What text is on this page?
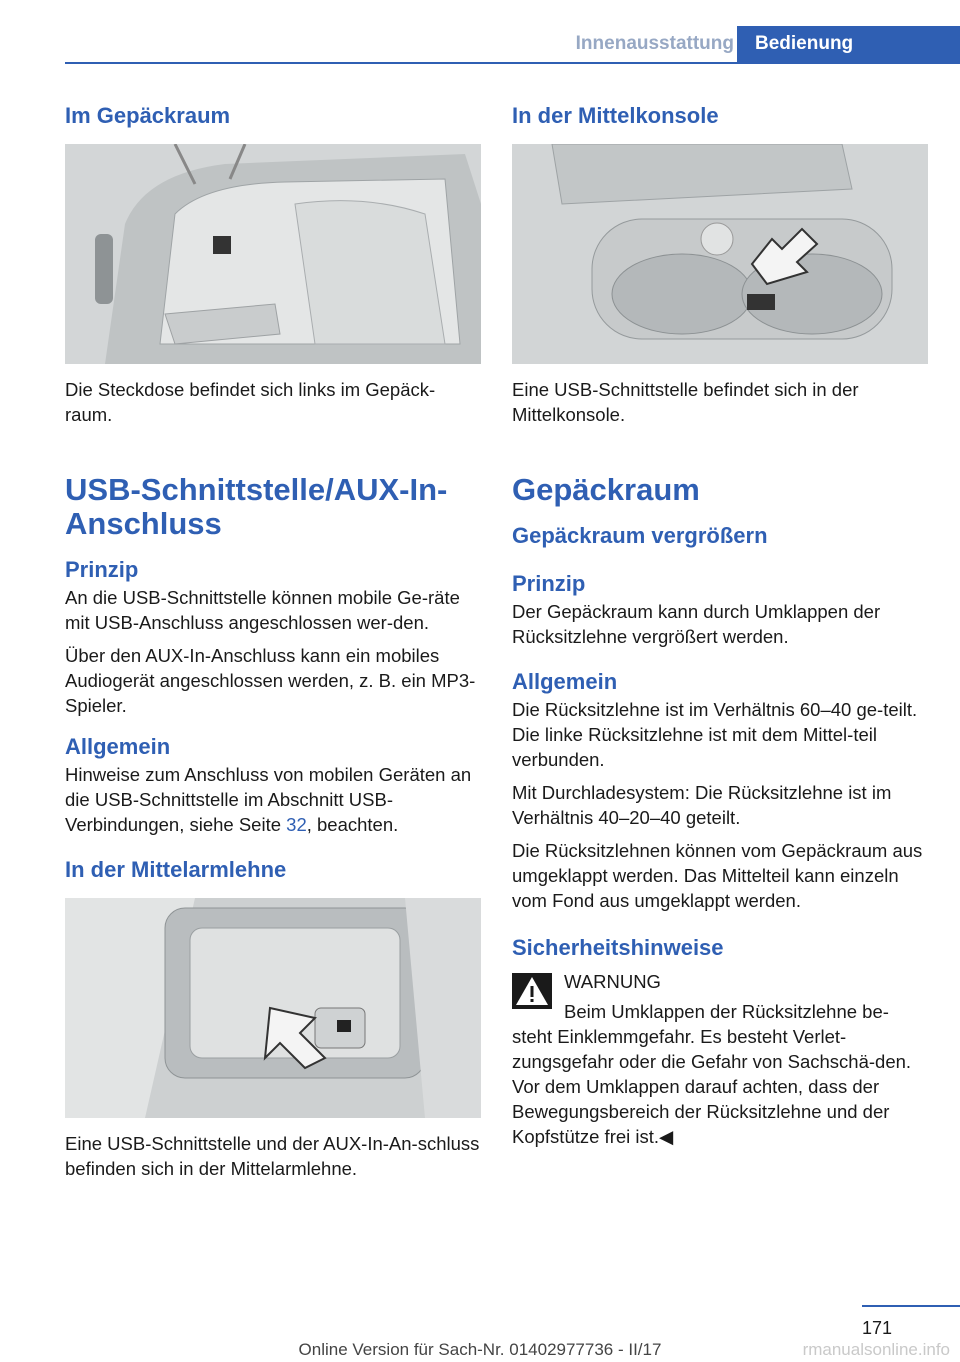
Innenausstattung	Bedienung
Im Gepäckraum

Die Steckdose befindet sich links im Gepäck-raum.

USB-Schnittstelle/AUX-In-Anschluss
Prinzip

An die USB-Schnittstelle können mobile Ge-räte mit USB-Anschluss angeschlossen wer-den.

Über den AUX-In-Anschluss kann ein mobiles Audiogerät angeschlossen werden, z. B. ein MP3-Spieler.

Allgemein

Hinweise zum Anschluss von mobilen Geräten an die USB-Schnittstelle im Abschnitt USB-Verbindungen, siehe Seite 32, beachten.

In der Mittelarmlehne

Eine USB-Schnittstelle und der AUX-In-An-schluss befinden sich in der Mittelarmlehne.

In der Mittelkonsole

Eine USB-Schnittstelle befindet sich in der Mittelkonsole.

Gepäckraum
Gepäckraum vergrößern
Prinzip

Der Gepäckraum kann durch Umklappen der Rücksitzlehne vergrößert werden.

Allgemein

Die Rücksitzlehne ist im Verhältnis 60–40 ge-teilt. Die linke Rücksitzlehne ist mit dem Mittel-teil verbunden.

Mit Durchladesystem: Die Rücksitzlehne ist im Verhältnis 40–20–40 geteilt.

Die Rücksitzlehnen können vom Gepäckraum aus umgeklappt werden. Das Mittelteil kann einzeln vom Fond aus umgeklappt werden.

Sicherheitshinweise

WARNUNG

Beim Umklappen der Rücksitzlehne be-

steht Einklemmgefahr. Es besteht Verlet-zungsgefahr oder die Gefahr von Sachschä-den. Vor dem Umklappen darauf achten, dass der Bewegungsbereich der Rücksitzlehne und der Kopfstütze frei ist.◀

171
Online Version für Sach-Nr. 01402977736 - II/17	rmanualsonline.info
